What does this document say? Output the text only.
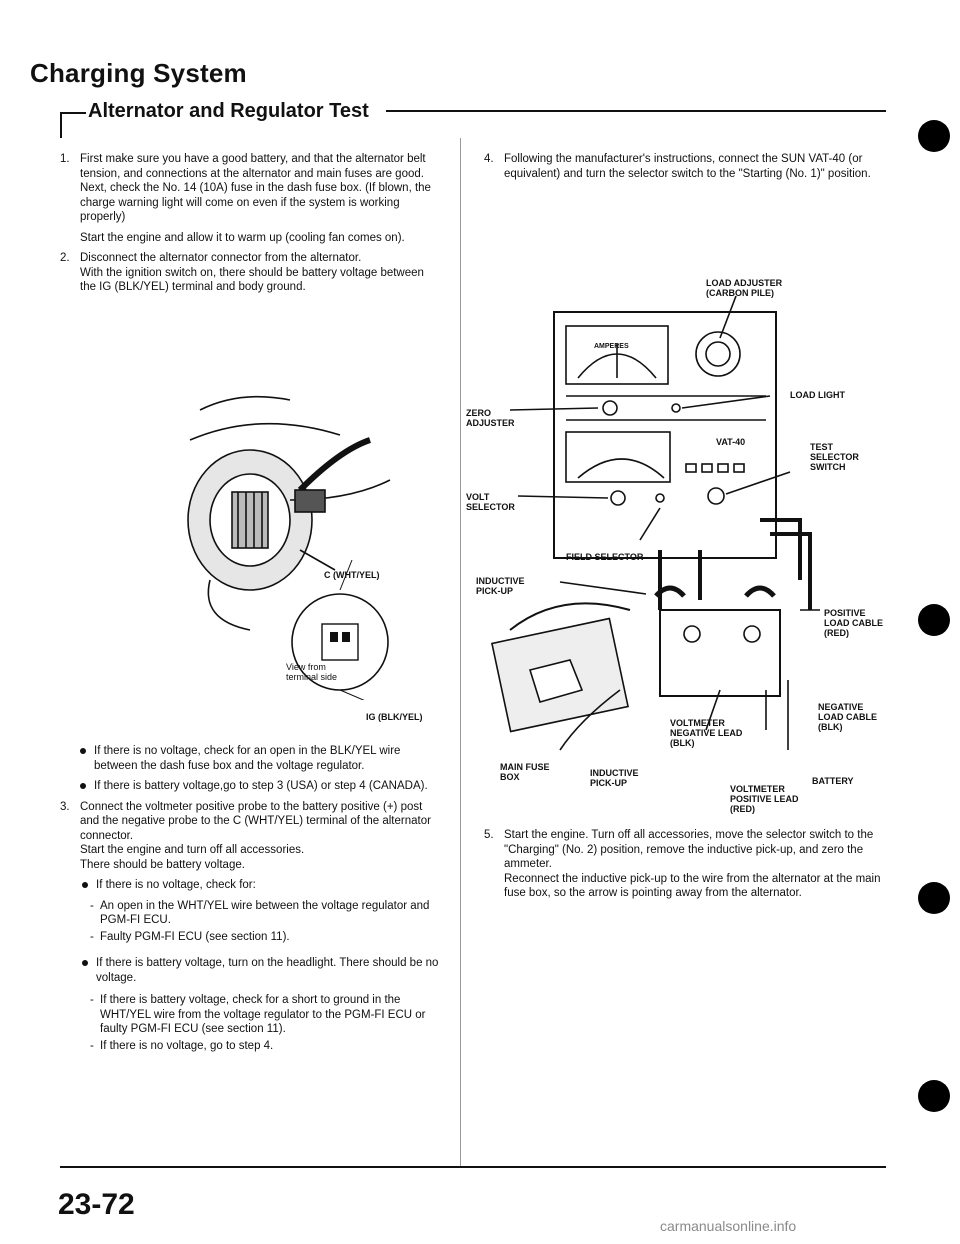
Charging System
Alternator and Regulator Test
1. First make sure you have a good battery, and that the alternator belt tension, and connections at the alternator and main fuses are good. Next, check the No. 14 (10A) fuse in the dash fuse box. (If blown, the charge warning light will come on even if the system is working properly)

Start the engine and allow it to warm up (cooling fan comes on).

2. Disconnect the alternator connector from the alternator.

With the ignition switch on, there should be battery voltage between the IG (BLK/YEL) terminal and body ground.

C (WHT/YEL)
View from terminal side
IG (BLK/YEL)
If there is no voltage, check for an open in the BLK/YEL wire between the dash fuse box and the voltage regulator.
If there is battery voltage,go to step 3 (USA) or step 4 (CANADA).
3. Connect the voltmeter positive probe to the battery positive (+) post and the negative probe to the C (WHT/YEL) terminal of the alternator connector.

Start the engine and turn off all accessories.

There should be battery voltage.

If there is no voltage, check for:
- An open in the WHT/YEL wire between the voltage regulator and PGM-FI ECU.
- Faulty PGM-FI ECU (see section 11).
If there is battery voltage, turn on the headlight. There should be no voltage.
- If there is battery voltage, check for a short to ground in the WHT/YEL wire from the voltage regulator to the PGM-FI ECU or faulty PGM-FI ECU (see section 11).
- If there is no voltage, go to step 4.
4. Following the manufacturer's instructions, connect the SUN VAT-40 (or equivalent) and turn the selector switch to the "Starting (No. 1)" position.

LOAD ADJUSTER (CARBON PILE)
AMPERES
LOAD LIGHT
ZERO ADJUSTER
VAT-40	TEST SELECTOR SWITCH
VOLT SELECTOR
FIELD SELECTOR
INDUCTIVE PICK-UP
POSITIVE LOAD CABLE (RED)
NEGATIVE LOAD CABLE (BLK)
VOLTMETER NEGATIVE LEAD (BLK)
BATTERY
MAIN FUSE BOX	INDUCTIVE PICK-UP
VOLTMETER POSITIVE LEAD (RED)
5. Start the engine. Turn off all accessories, move the selector switch to the "Charging" (No. 2) position, remove the inductive pick-up, and zero the ammeter.

Reconnect the inductive pick-up to the wire from the alternator at the main fuse box, so the arrow is pointing away from the alternator.

23-72
carmanualsonline.info
